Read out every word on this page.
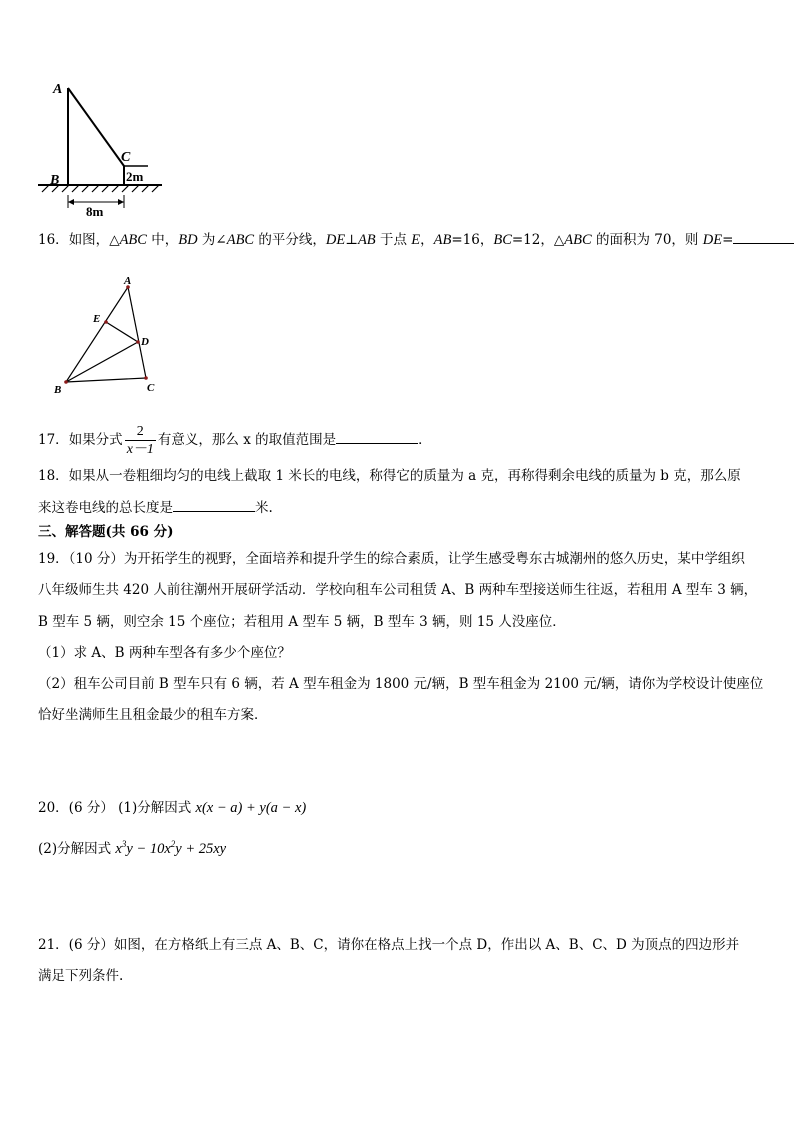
A
C
2m
B
8m
16．如图，△ABC 中，BD 为∠ABC 的平分线，DE⊥AB 于点 E，AB=16，BC=12，△ABC 的面积为 70，则 DE=
A
E
D
B	C
17．如果分式 $\frac{2}{x-1}$ 有意义，那么 x 的取值范围是	．
18．如果从一卷粗细均匀的电线上截取 1 米长的电线，称得它的质量为 a 克，再称得剩余电线的质量为 b 克，那么原
来这卷电线的总长度是	米.
三、解答题(共 66 分)
19．（10 分）为开拓学生的视野，全面培养和提升学生的综合素质，让学生感受粤东古城潮州的悠久历史，某中学组织
八年级师生共 420 人前往潮州开展研学活动．学校向租车公司租赁 A、B 两种车型接送师生往返，若租用 A 型车 3 辆，
B 型车 5 辆，则空余 15 个座位；若租用 A 型车 5 辆，B 型车 3 辆，则 15 人没座位．
（1）求 A、B 两种车型各有多少个座位？
（2）租车公司目前 B 型车只有 6 辆，若 A 型车租金为 1800 元/辆，B 型车租金为 2100 元/辆，请你为学校设计使座位
恰好坐满师生且租金最少的租车方案．
20．(6 分） (1)分解因式 x(x − a) + y(a − x)
(2)分解因式 $x^3y - 10x^2y + 25xy$
21．(6 分）如图，在方格纸上有三点 A、B、C，请你在格点上找一个点 D，作出以 A、B、C、D 为顶点的四边形并
满足下列条件.
